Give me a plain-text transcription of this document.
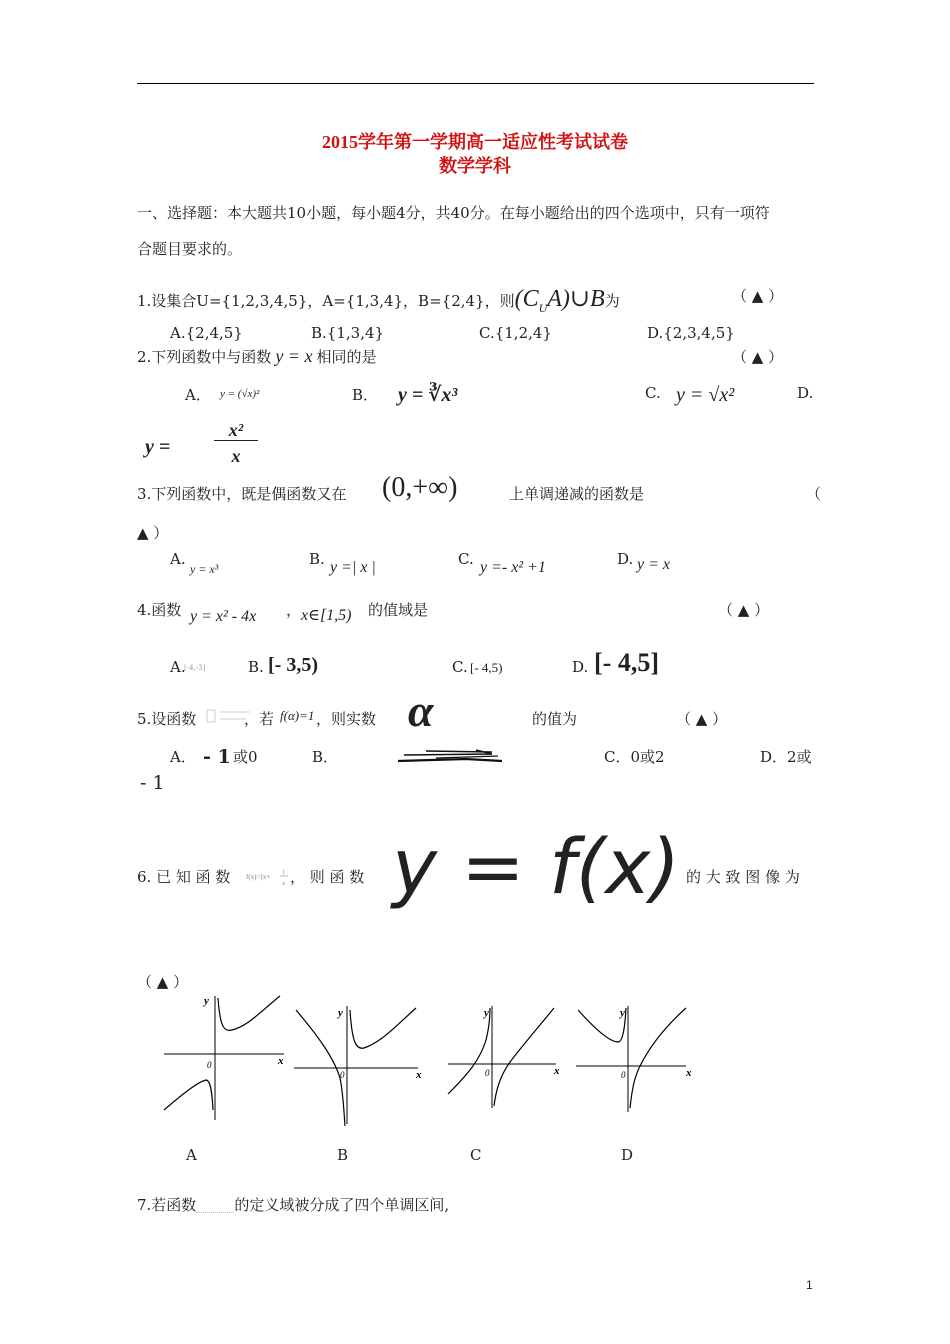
2015学年第一学期高一适应性考试试卷
数学学科
一、选择题：本大题共10小题，每小题4分，共40分。在每小题给出的四个选项中，只有一项符
合题目要求的。
1.设集合U={1,2,3,4,5}，A={1,3,4}，B={2,4}，则$(C_UA)\cup B$为	（ ▲ ）
A.{2,4,5}	B.{1,3,4}	C.{1,2,4}	D.{2,3,4,5}
2.下列函数中与函数 y = x 相同的是	（ ▲ ）
A． y = (√x)²	B． y = ∛x³	C. y = √x²	D.
y =
x²
x
3.下列函数中，既是偶函数又在 (0,+∞)	上单调递减的函数是	（
▲ ）
A.
y = x³
B. y =| x |	C. y =- x² +1	D. y = x
4.函数 y = x² - 4x ， x∈[1,5) 的值域是	（ ▲ ）
A.
[-4,-3]	B. [- 3,5)	C. [- 4,5)	D. [- 4,5]
5.设函数	，若 f(α)=1 ，则实数 α	的值为	（ ▲ ）
A． - 1 或0	B．	C．0或2	D．2或
- 1
6. 已 知 函 数 f(x)=(x+ 1
x ， 则 函 数 y = f(x) 的 大 致 图 像 为
（ ▲ ）
y
x
0
y
x
0
y
x
0
y
x
0
A	B	C	D
7.若函数	的定义域被分成了四个单调区间,
1
